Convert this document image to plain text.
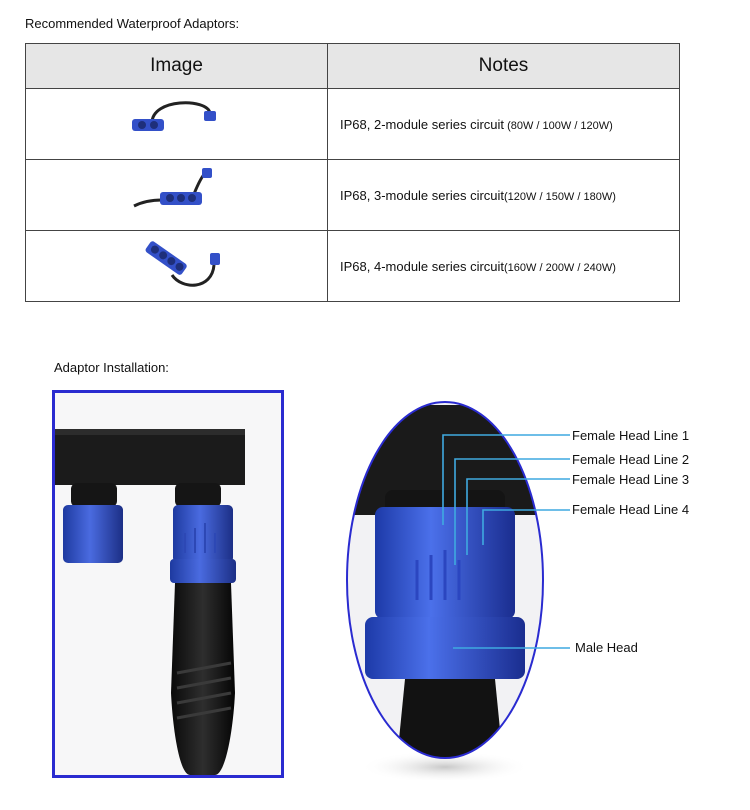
Recommended Waterproof Adaptors:
Image	Notes
	IP68, 2-module series circuit (80W / 100W / 120W)
	IP68, 3-module series circuit(120W / 150W / 180W)
	IP68, 4-module series circuit(160W / 200W / 240W)
Adaptor Installation:
Female Head Line 1
Female Head Line 2
Female Head Line 3
Female Head Line 4
Male Head
